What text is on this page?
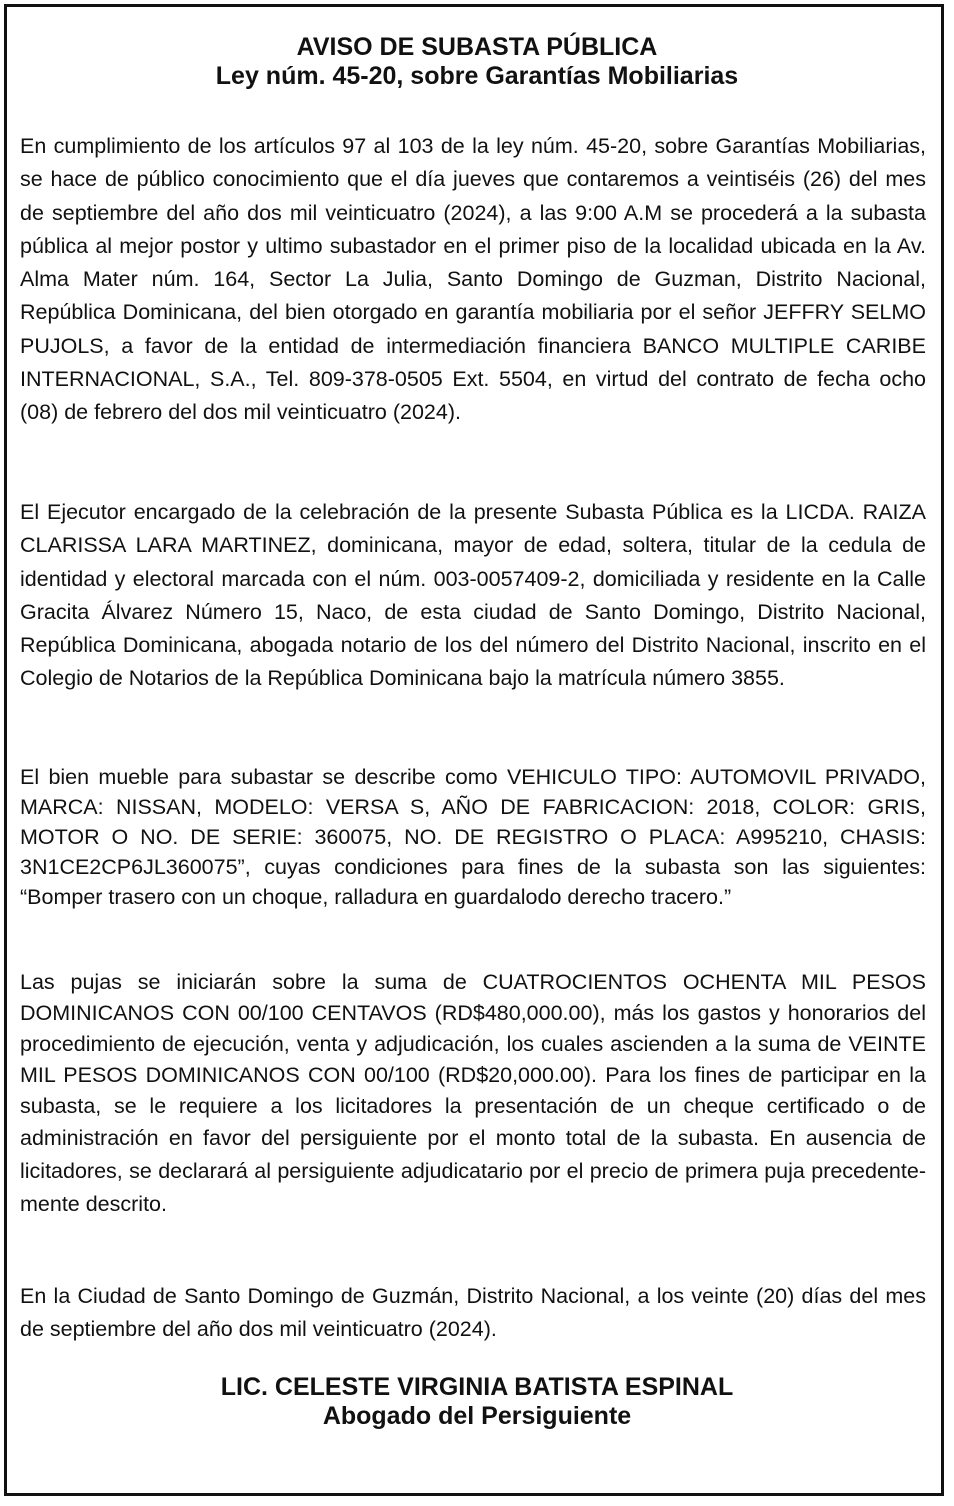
AVISO DE SUBASTA PÚBLICA
Ley núm. 45-20, sobre Garantías Mobiliarias

En cumplimiento de los artículos 97 al 103 de la ley núm. 45-20, sobre Garantías Mobiliarias, se hace de público conocimiento que el día jueves que contaremos a veintiséis (26) del mes de septiembre del año dos mil veinticuatro (2024), a las 9:00 A.M se procederá a la subasta pública al mejor postor y ultimo subastador en el primer piso de la localidad ubicada en la Av. Alma Mater núm. 164, Sector La Julia, Santo Domingo de Guzman, Distrito Nacional, República Dominicana, del bien otorgado en garantía mobiliaria por el señor JEFFRY SELMO PUJOLS, a favor de la entidad de intermediación financiera BANCO MULTIPLE CARIBE INTERNACIONAL, S.A., Tel. 809-378-0505 Ext. 5504, en virtud del contrato de fecha ocho (08) de febrero del dos mil veinticuatro (2024).

El Ejecutor encargado de la celebración de la presente Subasta Pública es la LICDA. RAIZA CLARISSA LARA MARTINEZ, dominicana, mayor de edad, soltera, titular de la cedula de identidad y electoral marcada con el núm. 003-0057409-2, domiciliada y residente en la Calle Gracita Álvarez Número 15, Naco, de esta ciudad de Santo Domingo, Distrito Nacional, República Dominicana, abogada notario de los del número del Distrito Nacional, inscrito en el Colegio de Notarios de la República Dominicana bajo la matrícula número 3855.

El bien mueble para subastar se describe como VEHICULO TIPO: AUTOMOVIL PRIVADO, MARCA: NISSAN, MODELO: VERSA S, AÑO DE FABRICACION: 2018, COLOR: GRIS, MOTOR O NO. DE SERIE: 360075, NO. DE REGISTRO O PLACA: A995210, CHASIS: 3N1CE2CP6JL360075”, cuyas condiciones para fines de la subasta son las siguientes: “Bomper trasero con un choque, ralladura en guardalodo derecho tracero.”

Las pujas se iniciarán sobre la suma de CUATROCIENTOS OCHENTA MIL PESOS DOMINICANOS CON 00/100 CENTAVOS (RD$480,000.00), más los gastos y honorarios del procedimiento de ejecución, venta y adjudicación, los cuales ascienden a la suma de VEINTE MIL PESOS DOMINICANOS CON 00/100 (RD$20,000.00). Para los fines de participar en la subasta, se le requiere a los licitadores la presentación de un cheque certificado o de administración en favor del persiguiente por el monto total de la subasta. En ausencia de licitadores, se declarará al persiguiente adjudicatario por el precio de primera puja precedentemente descrito.

En la Ciudad de Santo Domingo de Guzmán, Distrito Nacional, a los veinte (20) días del mes de septiembre del año dos mil veinticuatro (2024).

LIC. CELESTE VIRGINIA BATISTA ESPINAL
Abogado del Persiguiente
